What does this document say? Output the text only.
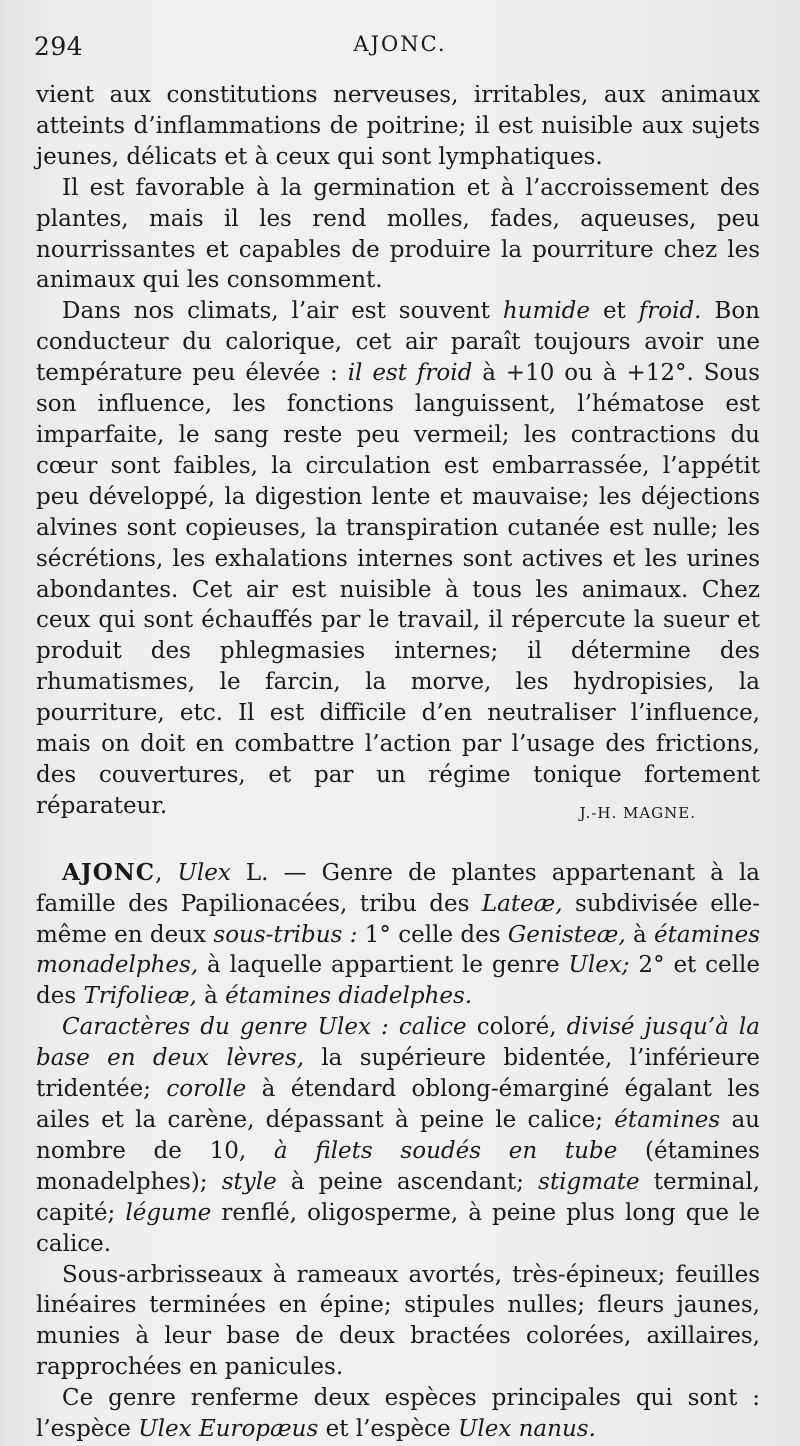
294	AJONC.

vient aux constitutions nerveuses, irritables, aux animaux atteints d’inflammations de poitrine; il est nuisible aux sujets jeunes, délicats et à ceux qui sont lymphatiques.

Il est favorable à la germination et à l’accroissement des plantes, mais il les rend molles, fades, aqueuses, peu nourrissantes et capables de produire la pourriture chez les animaux qui les consomment.

Dans nos climats, l’air est souvent humide et froid. Bon conducteur du calorique, cet air paraît toujours avoir une température peu élevée : il est froid à +10 ou à +12°. Sous son influence, les fonctions languissent, l’hématose est imparfaite, le sang reste peu vermeil; les contractions du cœur sont faibles, la circulation est embarrassée, l’appétit peu développé, la digestion lente et mauvaise; les déjections alvines sont copieuses, la transpiration cutanée est nulle; les sécrétions, les exhalations internes sont actives et les urines abondantes. Cet air est nuisible à tous les animaux. Chez ceux qui sont échauffés par le travail, il répercute la sueur et produit des phlegmasies internes; il détermine des rhumatismes, le farcin, la morve, les hydropisies, la pourriture, etc. Il est difficile d’en neutraliser l’influence, mais on doit en combattre l’action par l’usage des frictions, des couvertures, et par un régime tonique fortement réparateur.	J.-H. MAGNE.

AJONC, Ulex L. — Genre de plantes appartenant à la famille des Papilionacées, tribu des Lateæ, subdivisée elle-même en deux sous-tribus : 1° celle des Genisteæ, à étamines monadelphes, à laquelle appartient le genre Ulex; 2° et celle des Trifolieæ, à étamines diadelphes.

Caractères du genre Ulex : calice coloré, divisé jusqu’à la base en deux lèvres, la supérieure bidentée, l’inférieure tridentée; corolle à étendard oblong-émarginé égalant les ailes et la carène, dépassant à peine le calice; étamines au nombre de 10, à filets soudés en tube (étamines monadelphes); style à peine ascendant; stigmate terminal, capité; légume renflé, oligosperme, à peine plus long que le calice.

Sous-arbrisseaux à rameaux avortés, très-épineux; feuilles linéaires terminées en épine; stipules nulles; fleurs jaunes, munies à leur base de deux bractées colorées, axillaires, rapprochées en panicules.

Ce genre renferme deux espèces principales qui sont : l’espèce Ulex Europæus et l’espèce Ulex nanus.
